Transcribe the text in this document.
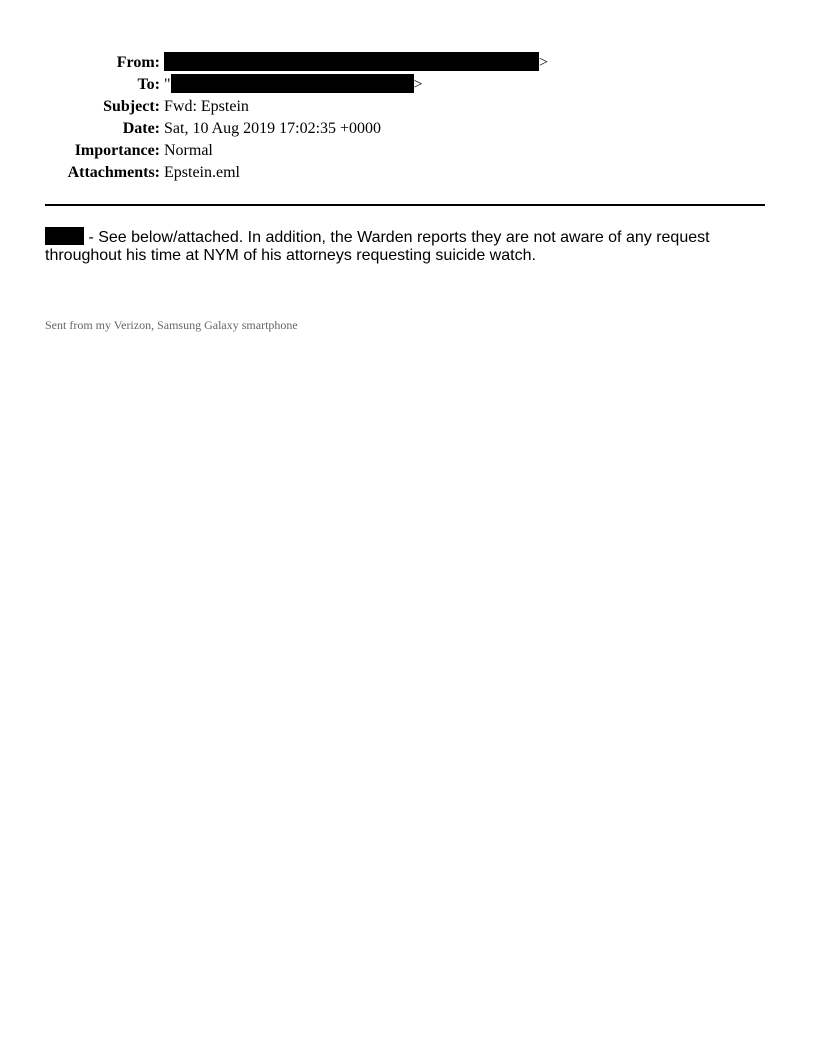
From:	>
To:	" >
Subject:	Fwd: Epstein
Date:	Sat, 10 Aug 2019 17:02:35 +0000
Importance:	Normal
Attachments:	Epstein.eml
- See below/attached. In addition, the Warden reports they are not aware of any request
throughout his time at NYM of his attorneys requesting suicide watch.

Sent from my Verizon, Samsung Galaxy smartphone
